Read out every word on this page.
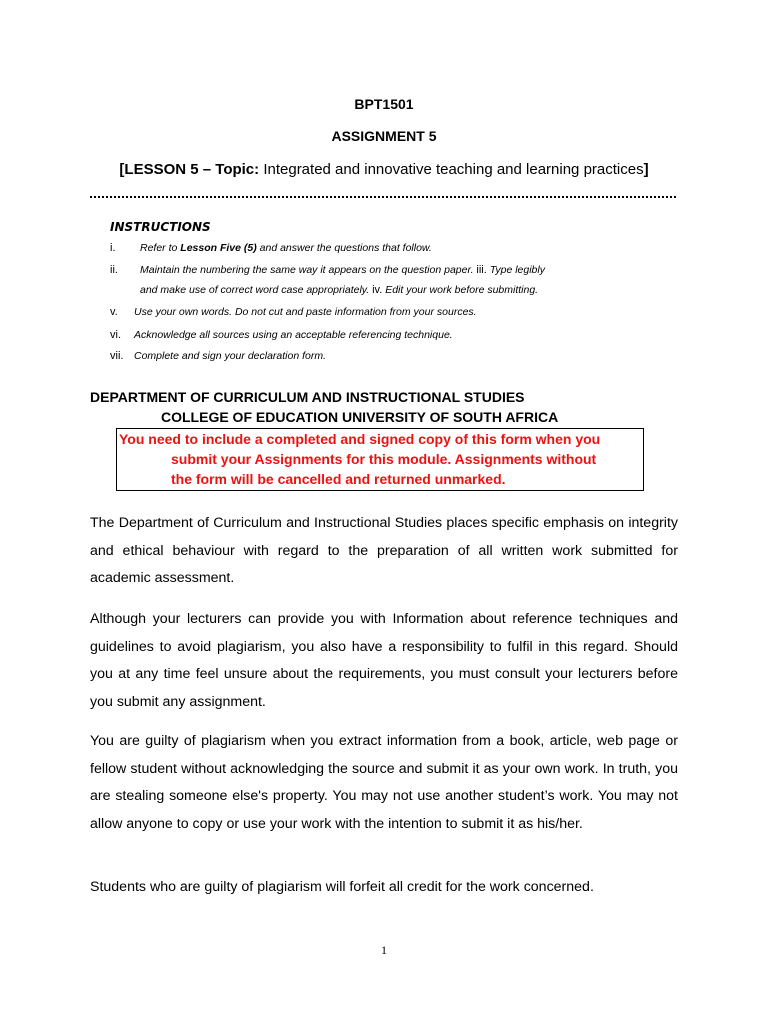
BPT1501
ASSIGNMENT 5
[LESSON 5 – Topic: Integrated and innovative teaching and learning practices]
INSTRUCTIONS
i. Refer to Lesson Five (5) and answer the questions that follow.
ii. Maintain the numbering the same way it appears on the question paper. iii. Type legibly
and make use of correct word case appropriately. iv. Edit your work before submitting.
v. Use your own words. Do not cut and paste information from your sources.
vi. Acknowledge all sources using an acceptable referencing technique.
vii. Complete and sign your declaration form.
DEPARTMENT OF CURRICULUM AND INSTRUCTIONAL STUDIES
COLLEGE OF EDUCATION UNIVERSITY OF SOUTH AFRICA
You need to include a completed and signed copy of this form when you
submit your Assignments for this module. Assignments without
the form will be cancelled and returned unmarked.
The Department of Curriculum and Instructional Studies places specific emphasis on integrity and ethical behaviour with regard to the preparation of all written work submitted for academic assessment.
Although your lecturers can provide you with Information about reference techniques and guidelines to avoid plagiarism, you also have a responsibility to fulfil in this regard. Should you at any time feel unsure about the requirements, you must consult your lecturers before you submit any assignment.
You are guilty of plagiarism when you extract information from a book, article, web page or fellow student without acknowledging the source and submit it as your own work. In truth, you are stealing someone else's property. You may not use another student’s work. You may not allow anyone to copy or use your work with the intention to submit it as his/her.
Students who are guilty of plagiarism will forfeit all credit for the work concerned.
1
